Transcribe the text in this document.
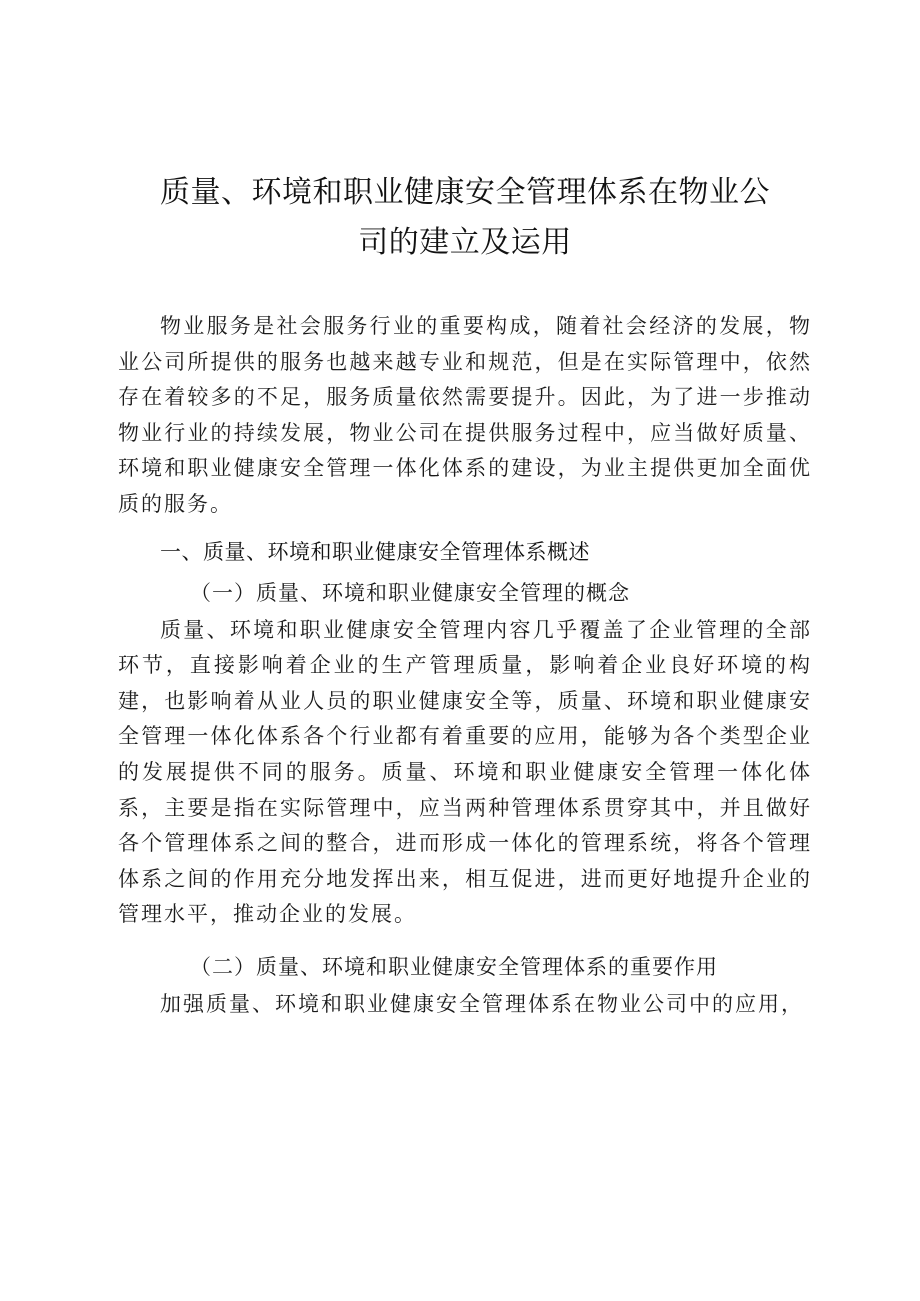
质量、环境和职业健康安全管理体系在物业公
司的建立及运用

物业服务是社会服务行业的重要构成，随着社会经济的发展，物业公司所提供的服务也越来越专业和规范，但是在实际管理中，依然存在着较多的不足，服务质量依然需要提升。因此，为了进一步推动物业行业的持续发展，物业公司在提供服务过程中，应当做好质量、环境和职业健康安全管理一体化体系的建设，为业主提供更加全面优质的服务。

一、质量、环境和职业健康安全管理体系概述

（一）质量、环境和职业健康安全管理的概念

质量、环境和职业健康安全管理内容几乎覆盖了企业管理的全部环节，直接影响着企业的生产管理质量，影响着企业良好环境的构建，也影响着从业人员的职业健康安全等，质量、环境和职业健康安全管理一体化体系各个行业都有着重要的应用，能够为各个类型企业的发展提供不同的服务。质量、环境和职业健康安全管理一体化体系，主要是指在实际管理中，应当两种管理体系贯穿其中，并且做好各个管理体系之间的整合，进而形成一体化的管理系统，将各个管理体系之间的作用充分地发挥出来，相互促进，进而更好地提升企业的管理水平，推动企业的发展。

（二）质量、环境和职业健康安全管理体系的重要作用

加强质量、环境和职业健康安全管理体系在物业公司中的应用，
